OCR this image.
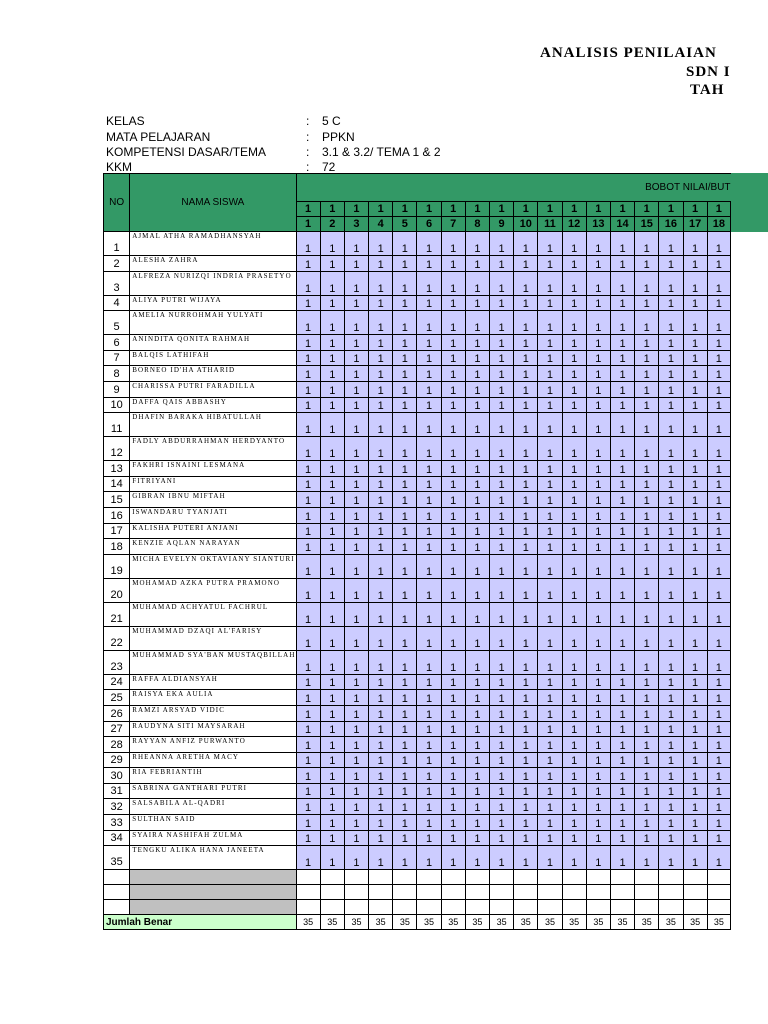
ANALISIS PENILAIAN
SDN I
TAH
KELAS	: 5 C
MATA PELAJARAN	: PPKN
KOMPETENSI DASAR/TEMA	: 3.1 & 3.2/ TEMA 1 & 2
KKM	: 72
NO	NAMA SISWA	BOBOT NILAI/BUT																	
		1	1	1	1	1	1	1	1	1	1	1	1	1	1	1	1	1	1
		1	2	3	4	5	6	7	8	9	10	11	12	13	14	15	16	17	18
1	AJMAL ATHA RAMADHANSYAH	1	1	1	1	1	1	1	1	1	1	1	1	1	1	1	1	1	1
2	ALESHA ZAHRA	1	1	1	1	1	1	1	1	1	1	1	1	1	1	1	1	1	1
3	ALFREZA NURIZQI INDRIA PRASETYO	1	1	1	1	1	1	1	1	1	1	1	1	1	1	1	1	1	1
4	ALIYA PUTRI WIJAYA	1	1	1	1	1	1	1	1	1	1	1	1	1	1	1	1	1	1
5	AMELIA NURROHMAH YULYATI	1	1	1	1	1	1	1	1	1	1	1	1	1	1	1	1	1	1
6	ANINDITA QONITA RAHMAH	1	1	1	1	1	1	1	1	1	1	1	1	1	1	1	1	1	1
7	BALQIS LATHIFAH	1	1	1	1	1	1	1	1	1	1	1	1	1	1	1	1	1	1
8	BORNEO ID'HA ATHARID	1	1	1	1	1	1	1	1	1	1	1	1	1	1	1	1	1	1
9	CHARISSA PUTRI FARADILLA	1	1	1	1	1	1	1	1	1	1	1	1	1	1	1	1	1	1
10	DAFFA QAIS ABBASHY	1	1	1	1	1	1	1	1	1	1	1	1	1	1	1	1	1	1
11	DHAFIN BARAKA HIBATULLAH	1	1	1	1	1	1	1	1	1	1	1	1	1	1	1	1	1	1
12	FADLY ABDURRAHMAN HERDYANTO	1	1	1	1	1	1	1	1	1	1	1	1	1	1	1	1	1	1
13	FAKHRI ISNAINI LESMANA	1	1	1	1	1	1	1	1	1	1	1	1	1	1	1	1	1	1
14	FITRIYANI	1	1	1	1	1	1	1	1	1	1	1	1	1	1	1	1	1	1
15	GIBRAN IBNU MIFTAH	1	1	1	1	1	1	1	1	1	1	1	1	1	1	1	1	1	1
16	ISWANDARU TYANJATI	1	1	1	1	1	1	1	1	1	1	1	1	1	1	1	1	1	1
17	KALISHA PUTERI ANJANI	1	1	1	1	1	1	1	1	1	1	1	1	1	1	1	1	1	1
18	KENZIE AQLAN NARAYAN	1	1	1	1	1	1	1	1	1	1	1	1	1	1	1	1	1	1
19	MICHA EVELYN OKTAVIANY SIANTURI	1	1	1	1	1	1	1	1	1	1	1	1	1	1	1	1	1	1
20	MOHAMAD AZKA PUTRA PRAMONO	1	1	1	1	1	1	1	1	1	1	1	1	1	1	1	1	1	1
21	MUHAMAD ACHYATUL FACHRUL	1	1	1	1	1	1	1	1	1	1	1	1	1	1	1	1	1	1
22	MUHAMMAD DZAQI AL'FARISY	1	1	1	1	1	1	1	1	1	1	1	1	1	1	1	1	1	1
23	MUHAMMAD SYA'BAN MUSTAQBILLAH	1	1	1	1	1	1	1	1	1	1	1	1	1	1	1	1	1	1
24	RAFFA ALDIANSYAH	1	1	1	1	1	1	1	1	1	1	1	1	1	1	1	1	1	1
25	RAISYA EKA AULIA	1	1	1	1	1	1	1	1	1	1	1	1	1	1	1	1	1	1
26	RAMZI ARSYAD VIDIC	1	1	1	1	1	1	1	1	1	1	1	1	1	1	1	1	1	1
27	RAUDYNA SITI MAYSARAH	1	1	1	1	1	1	1	1	1	1	1	1	1	1	1	1	1	1
28	RAYYAN ANFIZ PURWANTO	1	1	1	1	1	1	1	1	1	1	1	1	1	1	1	1	1	1
29	RHEANNA ARETHA MACY	1	1	1	1	1	1	1	1	1	1	1	1	1	1	1	1	1	1
30	RIA FEBRIANTIH	1	1	1	1	1	1	1	1	1	1	1	1	1	1	1	1	1	1
31	SABRINA GANTHARI PUTRI	1	1	1	1	1	1	1	1	1	1	1	1	1	1	1	1	1	1
32	SALSABILA AL-QADRI	1	1	1	1	1	1	1	1	1	1	1	1	1	1	1	1	1	1
33	SULTHAN SAID	1	1	1	1	1	1	1	1	1	1	1	1	1	1	1	1	1	1
34	SYAIRA NASHIFAH ZULMA	1	1	1	1	1	1	1	1	1	1	1	1	1	1	1	1	1	1
35	TENGKU ALIKA HANA JANEETA	1	1	1	1	1	1	1	1	1	1	1	1	1	1	1	1	1	1

Jumlah Benar		35	35	35	35	35	35	35	35	35	35	35	35	35	35	35	35	35	35
